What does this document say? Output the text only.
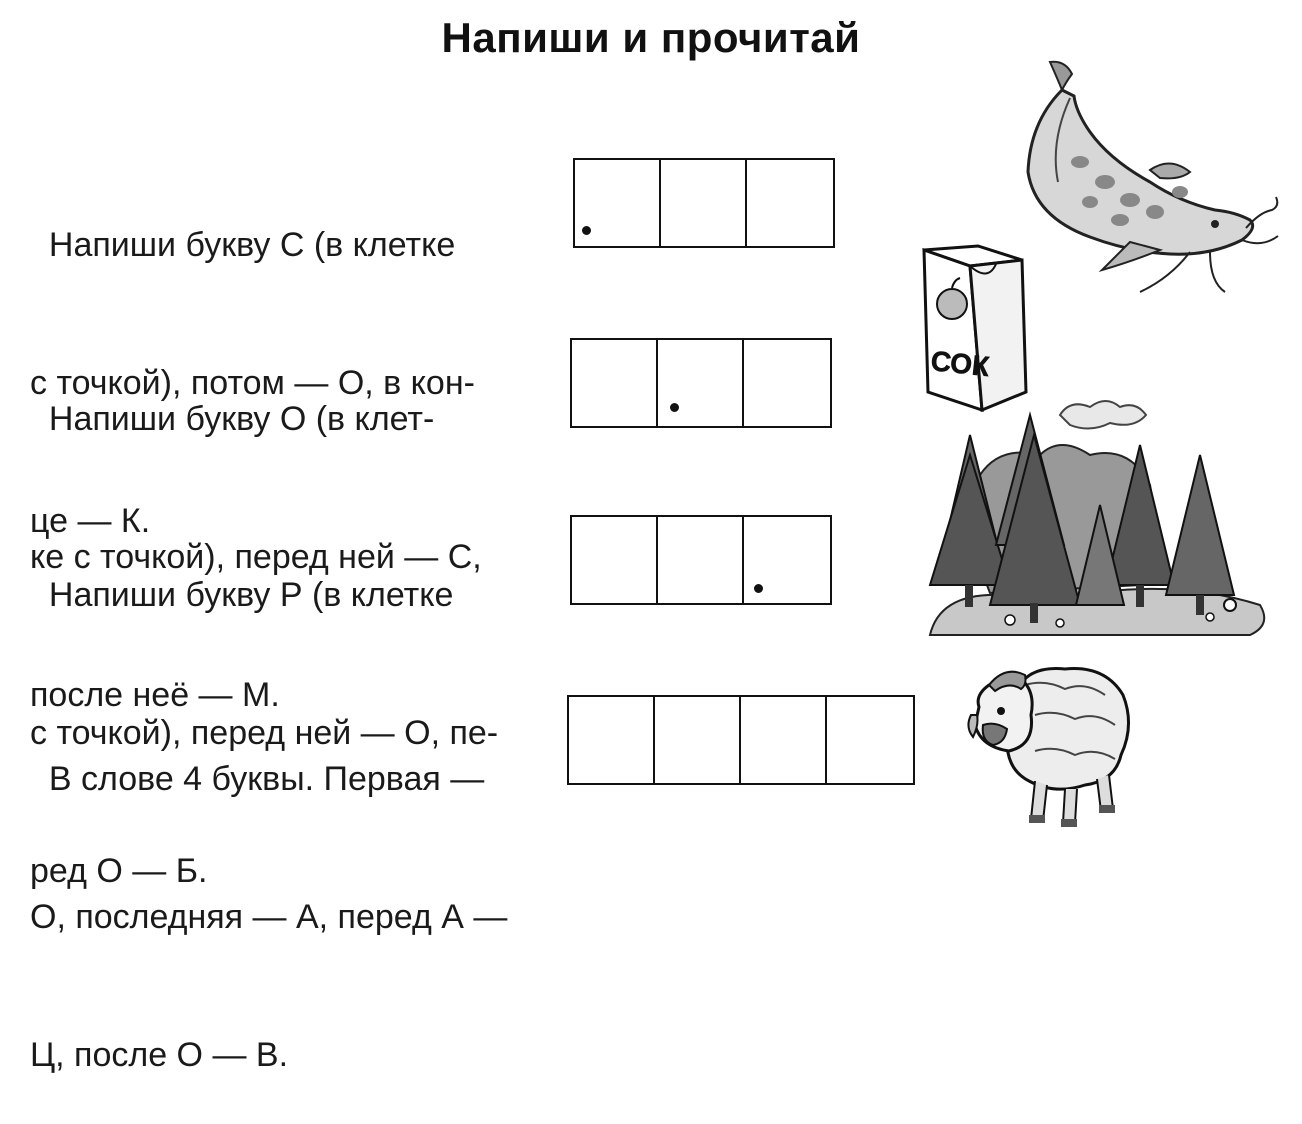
Напиши и прочитай

Напиши букву С (в клетке

с точкой), потом — О, в кон-

це — К.

Напиши букву О (в клет-

ке с точкой), перед ней — С,

после неё — М.

Напиши букву Р (в клетке

с точкой), перед ней — О, пе-

ред О — Б.

В слове 4 буквы. Первая —

О, последняя — А, перед А —

Ц, после О — В.

СОК
